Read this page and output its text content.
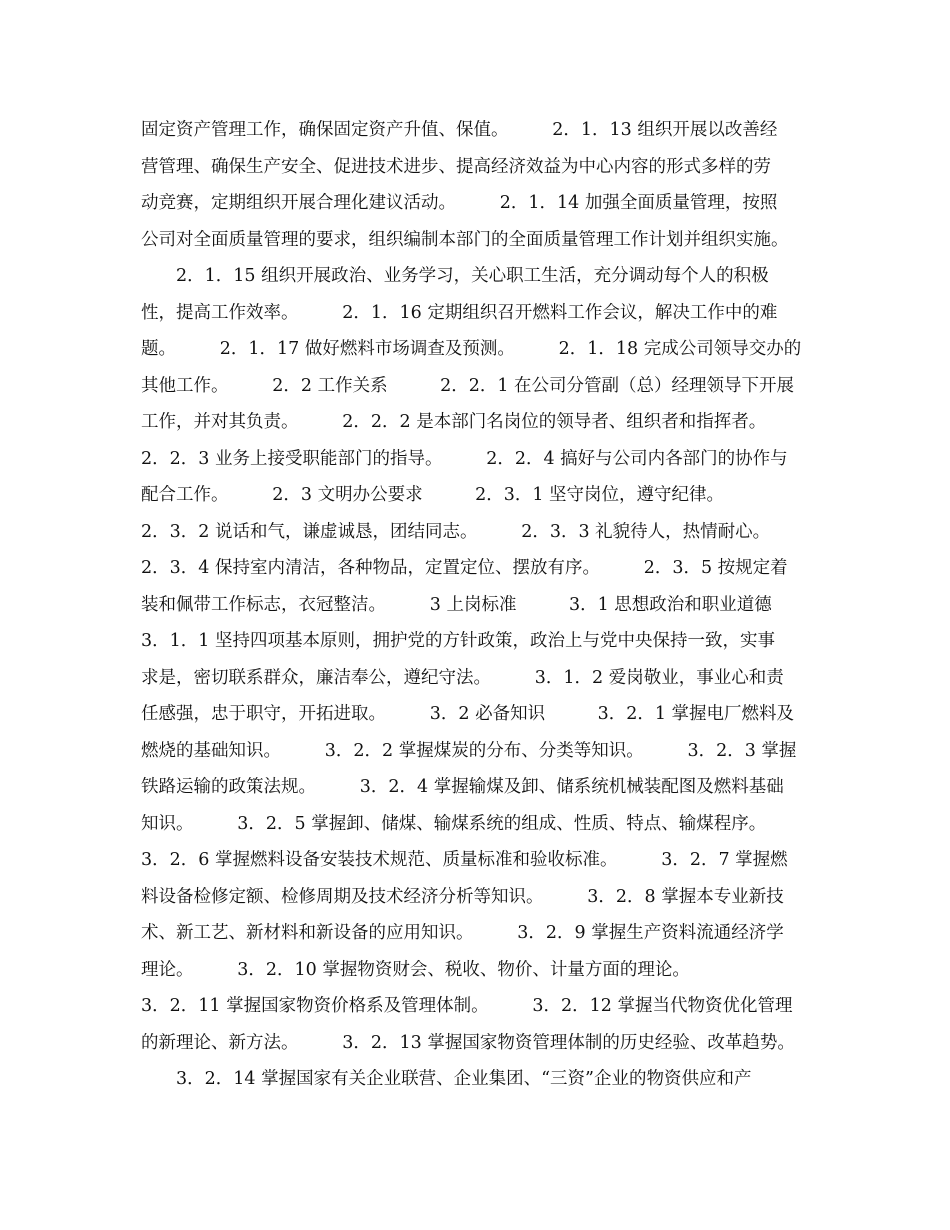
固定资产管理工作，确保固定资产升值、保值。　　　2．1．13 组织开展以改善经
营管理、确保生产安全、促进技术进步、提高经济效益为中心内容的形式多样的劳
动竞赛，定期组织开展合理化建议活动。　　　2．1．14 加强全面质量管理，按照
公司对全面质量管理的要求，组织编制本部门的全面质量管理工作计划并组织实施。
　　2．1．15 组织开展政治、业务学习，关心职工生活，充分调动每个人的积极
性，提高工作效率。　　　2．1．16 定期组织召开燃料工作会议，解决工作中的难
题。　　　2．1．17 做好燃料市场调查及预测。　　　2．1．18 完成公司领导交办的
其他工作。　　　2．2 工作关系　　　2．2．1 在公司分管副（总）经理领导下开展
工作，并对其负责。　　　2．2．2 是本部门名岗位的领导者、组织者和指挥者。
2．2．3 业务上接受职能部门的指导。　　　2．2．4 搞好与公司内各部门的协作与
配合工作。　　　2．3 文明办公要求　　　2．3．1 坚守岗位，遵守纪律。
2．3．2 说话和气，谦虚诚恳，团结同志。　　　2．3．3 礼貌待人，热情耐心。
2．3．4 保持室内清洁，各种物品，定置定位、摆放有序。　　　2．3．5 按规定着
装和佩带工作标志，衣冠整洁。　　　3 上岗标准　　　3．1 思想政治和职业道德
3．1．1 坚持四项基本原则，拥护党的方针政策，政治上与党中央保持一致，实事
求是，密切联系群众，廉洁奉公，遵纪守法。　　　3．1．2 爱岗敬业，事业心和责
任感强，忠于职守，开拓进取。　　　3．2 必备知识　　　3．2．1 掌握电厂燃料及
燃烧的基础知识。　　　3．2．2 掌握煤炭的分布、分类等知识。　　　3．2．3 掌握
铁路运输的政策法规。　　　3．2．4 掌握输煤及卸、储系统机械装配图及燃料基础
知识。　　　3．2．5 掌握卸、储煤、输煤系统的组成、性质、特点、输煤程序。
3．2．6 掌握燃料设备安装技术规范、质量标准和验收标准。　　　3．2．7 掌握燃
料设备检修定额、检修周期及技术经济分析等知识。　　　3．2．8 掌握本专业新技
术、新工艺、新材料和新设备的应用知识。　　　3．2．9 掌握生产资料流通经济学
理论。　　　3．2．10 掌握物资财会、税收、物价、计量方面的理论。
3．2．11 掌握国家物资价格系及管理体制。　　　3．2．12 掌握当代物资优化管理
的新理论、新方法。　　　3．2．13 掌握国家物资管理体制的历史经验、改革趋势。
　　3．2．14 掌握国家有关企业联营、企业集团、“三资”企业的物资供应和产
